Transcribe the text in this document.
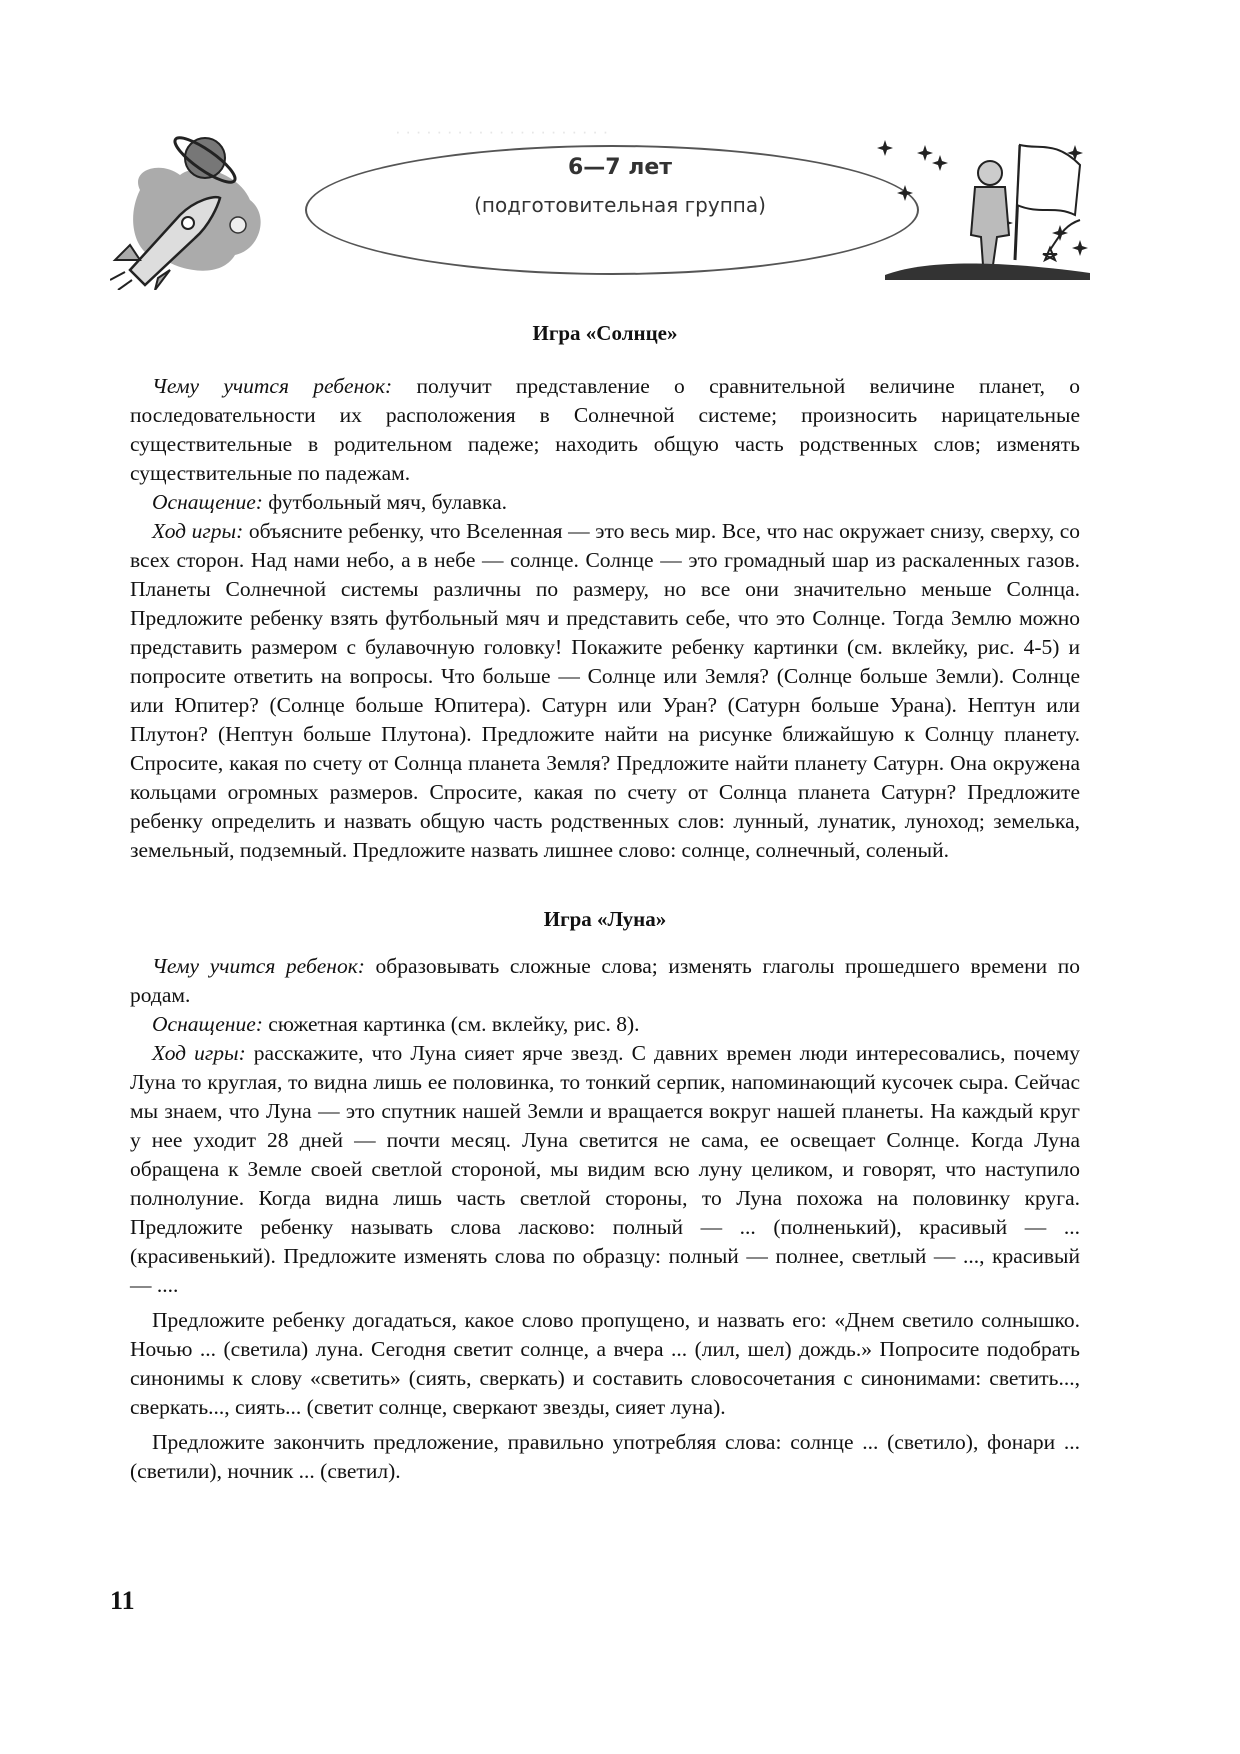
· · · · · · · · · · · · · · · · · · · · ·
6—7 лет
(подготовительная группа)
Игра «Солнце»

Чему учится ребенок: получит представление о сравнительной величине планет, о последовательности их расположения в Солнечной системе; произносить нарицательные существительные в родительном падеже; находить общую часть родственных слов; изменять существительные по падежам.

Оснащение: футбольный мяч, булавка.

Ход игры: объясните ребенку, что Вселенная — это весь мир. Все, что нас окружает снизу, сверху, со всех сторон. Над нами небо, а в небе — солнце. Солнце — это громадный шар из раскаленных газов. Планеты Солнечной системы различны по размеру, но все они значительно меньше Солнца. Предложите ребенку взять футбольный мяч и представить себе, что это Солнце. Тогда Землю можно представить размером с булавочную головку! Покажите ребенку картинки (см. вклейку, рис. 4-5) и попросите ответить на вопросы. Что больше — Солнце или Земля? (Солнце больше Земли). Солнце или Юпитер? (Солнце больше Юпитера). Сатурн или Уран? (Сатурн больше Урана). Нептун или Плутон? (Нептун больше Плутона). Предложите найти на рисунке ближайшую к Солнцу планету. Спросите, какая по счету от Солнца планета Земля? Предложите найти планету Сатурн. Она окружена кольцами огромных размеров. Спросите, какая по счету от Солнца планета Сатурн? Предложите ребенку определить и назвать общую часть родственных слов: лунный, лунатик, луноход; земелька, земельный, подземный. Предложите назвать лишнее слово: солнце, солнечный, соленый.

Игра «Луна»

Чему учится ребенок: образовывать сложные слова; изменять глаголы прошедшего времени по родам.

Оснащение: сюжетная картинка (см. вклейку, рис. 8).

Ход игры: расскажите, что Луна сияет ярче звезд. С давних времен люди интересовались, почему Луна то круглая, то видна лишь ее половинка, то тонкий серпик, напоминающий кусочек сыра. Сейчас мы знаем, что Луна — это спутник нашей Земли и вращается вокруг нашей планеты. На каждый круг у нее уходит 28 дней — почти месяц. Луна светится не сама, ее освещает Солнце. Когда Луна обращена к Земле своей светлой стороной, мы видим всю луну целиком, и говорят, что наступило полнолуние. Когда видна лишь часть светлой стороны, то Луна похожа на половинку круга. Предложите ребенку называть слова ласково: полный — ... (полненький), красивый — ... (красивенький). Предложите изменять слова по образцу: полный — полнее, светлый — ..., красивый — ....

Предложите ребенку догадаться, какое слово пропущено, и назвать его: «Днем светило солнышко. Ночью ... (светила) луна. Сегодня светит солнце, а вчера ... (лил, шел) дождь.» Попросите подобрать синонимы к слову «светить» (сиять, сверкать) и составить словосочетания с синонимами: светить..., сверкать..., сиять... (светит солнце, сверкают звезды, сияет луна).

Предложите закончить предложение, правильно употребляя слова: солнце ... (светило), фонари ... (светили), ночник ... (светил).

11
